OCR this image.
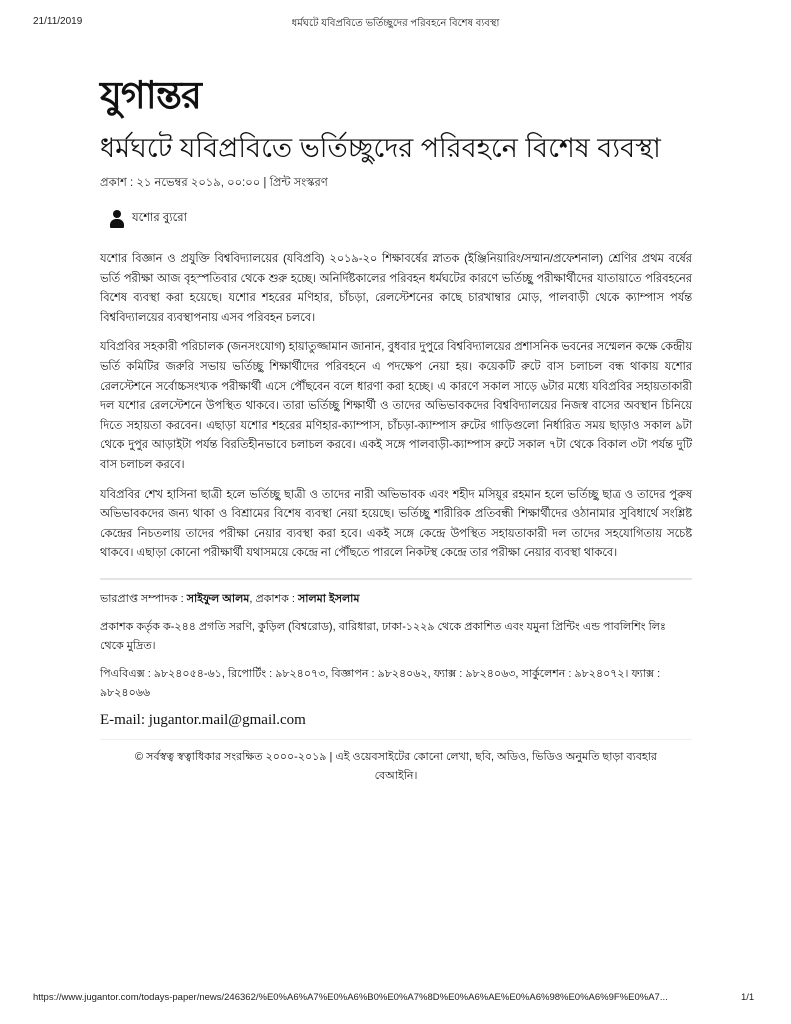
21/11/2019	ধর্মঘটে যবিপ্রবিতে ভর্তিচ্ছুদের পরিবহনে বিশেষ ব্যবস্থা
যুগান্তর
ধর্মঘটে যবিপ্রবিতে ভর্তিচ্ছুদের পরিবহনে বিশেষ ব্যবস্থা
প্রকাশ : ২১ নভেম্বর ২০১৯, ০০:০০ | প্রিন্ট সংস্করণ
যশোর ব্যুরো

যশোর বিজ্ঞান ও প্রযুক্তি বিশ্ববিদ্যালয়ের (যবিপ্রবি) ২০১৯-২০ শিক্ষাবর্ষের স্নাতক (ইঞ্জিনিয়ারিং/সম্মান/প্রফেশনাল) শ্রেণির প্রথম বর্ষের ভর্তি পরীক্ষা আজ বৃহস্পতিবার থেকে শুরু হচ্ছে। অনির্দিষ্টকালের পরিবহন ধর্মঘটের কারণে ভর্তিচ্ছু পরীক্ষার্থীদের যাতায়াতে পরিবহনের বিশেষ ব্যবস্থা করা হয়েছে। যশোর শহরের মণিহার, চাঁচড়া, রেলস্টেশনের কাছে চারখাম্বার মোড়, পালবাড়ী থেকে ক্যাম্পাস পর্যন্ত বিশ্ববিদ্যালয়ের ব্যবস্থাপনায় এসব পরিবহন চলবে।

যবিপ্রবির সহকারী পরিচালক (জনসংযোগ) হায়াতুজ্জামান জানান, বুধবার দুপুরে বিশ্ববিদ্যালয়ের প্রশাসনিক ভবনের সম্মেলন কক্ষে কেন্দ্রীয় ভর্তি কমিটির জরুরি সভায় ভর্তিচ্ছু শিক্ষার্থীদের পরিবহনে এ পদক্ষেপ নেয়া হয়। কয়েকটি রুটে বাস চলাচল বন্ধ থাকায় যশোর রেলস্টেশনে সর্বোচ্চসংখ্যক পরীক্ষার্থী এসে পৌঁছবেন বলে ধারণা করা হচ্ছে। এ কারণে সকাল সাড়ে ৬টার মধ্যে যবিপ্রবির সহায়তাকারী দল যশোর রেলস্টেশনে উপস্থিত থাকবে। তারা ভর্তিচ্ছু শিক্ষার্থী ও তাদের অভিভাবকদের বিশ্ববিদ্যালয়ের নিজস্ব বাসের অবস্থান চিনিয়ে দিতে সহায়তা করবেন। এছাড়া যশোর শহরের মণিহার-ক্যাম্পাস, চাঁচড়া-ক্যাম্পাস রুটের গাড়িগুলো নির্ধারিত সময় ছাড়াও সকাল ৯টা থেকে দুপুর আড়াইটা পর্যন্ত বিরতিহীনভাবে চলাচল করবে। একই সঙ্গে পালবাড়ী-ক্যাম্পাস রুটে সকাল ৭টা থেকে বিকাল ৩টা পর্যন্ত দুটি বাস চলাচল করবে।

যবিপ্রবির শেখ হাসিনা ছাত্রী হলে ভর্তিচ্ছু ছাত্রী ও তাদের নারী অভিভাবক এবং শহীদ মসিয়ূর রহমান হলে ভর্তিচ্ছু ছাত্র ও তাদের পুরুষ অভিভাবকদের জন্য থাকা ও বিশ্রামের বিশেষ ব্যবস্থা নেয়া হয়েছে। ভর্তিচ্ছু শারীরিক প্রতিবন্ধী শিক্ষার্থীদের ওঠানামার সুবিধার্থে সংশ্লিষ্ট কেন্দ্রের নিচতলায় তাদের পরীক্ষা নেয়ার ব্যবস্থা করা হবে। একই সঙ্গে কেন্দ্রে উপস্থিত সহায়তাকারী দল তাদের সহযোগিতায় সচেষ্ট থাকবে। এছাড়া কোনো পরীক্ষার্থী যথাসময়ে কেন্দ্রে না পৌঁছতে পারলে নিকটস্থ কেন্দ্রে তার পরীক্ষা নেয়ার ব্যবস্থা থাকবে।

ভারপ্রাপ্ত সম্পাদক : সাইফুল আলম, প্রকাশক : সালমা ইসলাম
প্রকাশক কর্তৃক ক-২৪৪ প্রগতি সরণি, কুড়িল (বিশ্বরোড), বারিধারা, ঢাকা-১২২৯ থেকে প্রকাশিত এবং যমুনা প্রিন্টিং এন্ড পাবলিশিং লিঃ থেকে মুদ্রিত।
পিএবিএক্স : ৯৮২৪০৫৪-৬১, রিপোর্টিং : ৯৮২৪০৭৩, বিজ্ঞাপন : ৯৮২৪০৬২, ফ্যাক্স : ৯৮২৪০৬৩, সার্কুলেশন : ৯৮২৪০৭২। ফ্যাক্স : ৯৮২৪০৬৬
E-mail: jugantor.mail@gmail.com
© সর্বস্বত্ব স্বত্বাধিকার সংরক্ষিত ২০০০-২০১৯ | এই ওয়েবসাইটের কোনো লেখা, ছবি, অডিও, ভিডিও অনুমতি ছাড়া ব্যবহার বেআইনি।
https://www.jugantor.com/todays-paper/news/246362/%E0%A6%A7%E0%A6%B0%E0%A7%8D%E0%A6%AE%E0%A6%98%E0%A6%9F%E0%A7...	1/1
